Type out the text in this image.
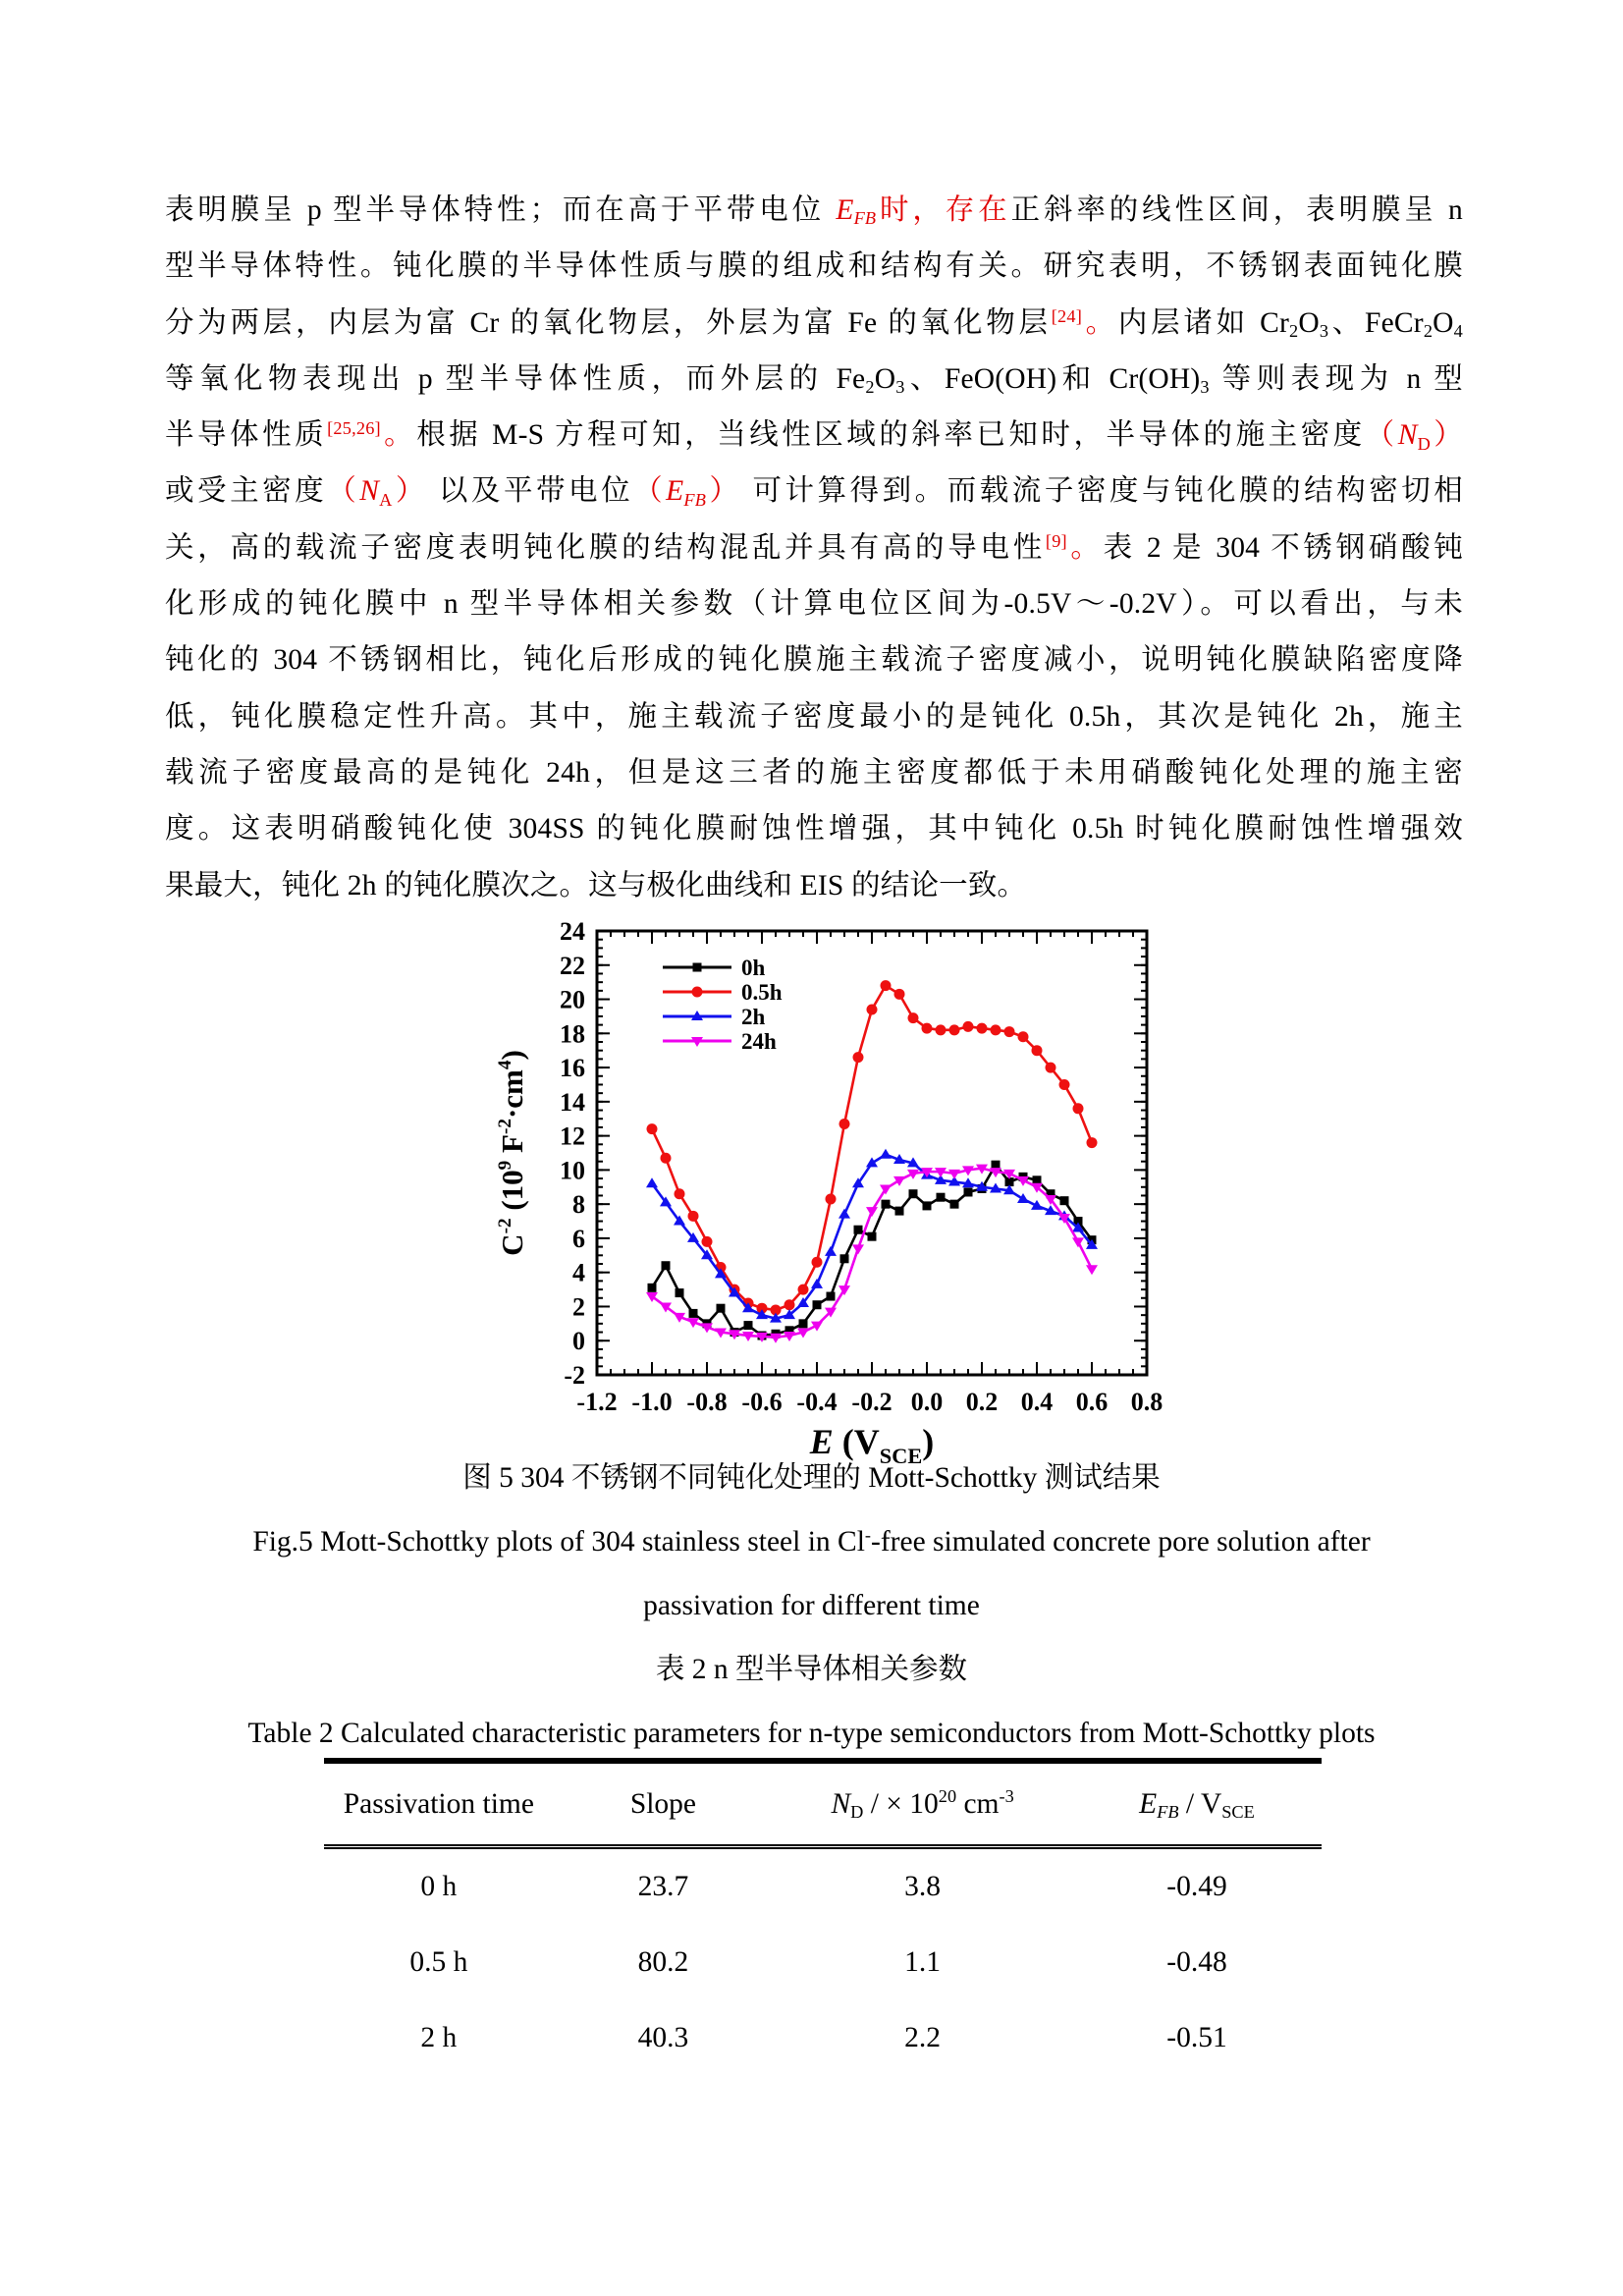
表明膜呈 p 型半导体特性；而在高于平带电位 EFB时，存在正斜率的线性区间，表明膜呈 n
型半导体特性。钝化膜的半导体性质与膜的组成和结构有关。研究表明，不锈钢表面钝化膜
分为两层，内层为富 Cr 的氧化物层，外层为富 Fe 的氧化物层[24]。内层诸如 Cr2O3、FeCr2O4
等氧化物表现出 p 型半导体性质，而外层的 Fe2O3、FeO(OH)和 Cr(OH)3 等则表现为 n 型
半导体性质[25,26]。根据 M-S 方程可知，当线性区域的斜率已知时，半导体的施主密度（ND）
或受主密度（NA） 以及平带电位（EFB） 可计算得到。而载流子密度与钝化膜的结构密切相
关，高的载流子密度表明钝化膜的结构混乱并具有高的导电性[9]。表 2 是 304 不锈钢硝酸钝
化形成的钝化膜中 n 型半导体相关参数（计算电位区间为-0.5V～-0.2V）。可以看出，与未
钝化的 304 不锈钢相比，钝化后形成的钝化膜施主载流子密度减小，说明钝化膜缺陷密度降
低，钝化膜稳定性升高。其中，施主载流子密度最小的是钝化 0.5h，其次是钝化 2h，施主
载流子密度最高的是钝化 24h，但是这三者的施主密度都低于未用硝酸钝化处理的施主密
度。这表明硝酸钝化使 304SS 的钝化膜耐蚀性增强，其中钝化 0.5h 时钝化膜耐蚀性增强效
果最大，钝化 2h 的钝化膜次之。这与极化曲线和 EIS 的结论一致。
-1.2 -1.0 -0.8 -0.6 -0.4 -0.2 0.0 0.2 0.4 0.6 0.8
-2
0
2
4
6
8
10
12
14
16
18
20
22
24
E $(V_{SCE})$
$C^{-2}$ ($10^9$ $F^{-2}\cdot cm^4$)
0h
0.5h
2h
24h
图 5 304 不锈钢不同钝化处理的 Mott-Schottky 测试结果
Fig.5 Mott-Schottky plots of 304 stainless steel in Cl--free simulated concrete pore solution after
passivation for different time
表 2 n 型半导体相关参数
Table 2 Calculated characteristic parameters for n-type semiconductors from Mott-Schottky plots
Passivation time	Slope	ND / × $10^{20}$ $cm^{-3}$	EFB / VSCE
0 h	23.7	3.8	-0.49
0.5 h	80.2	1.1	-0.48
2 h	40.3	2.2	-0.51
